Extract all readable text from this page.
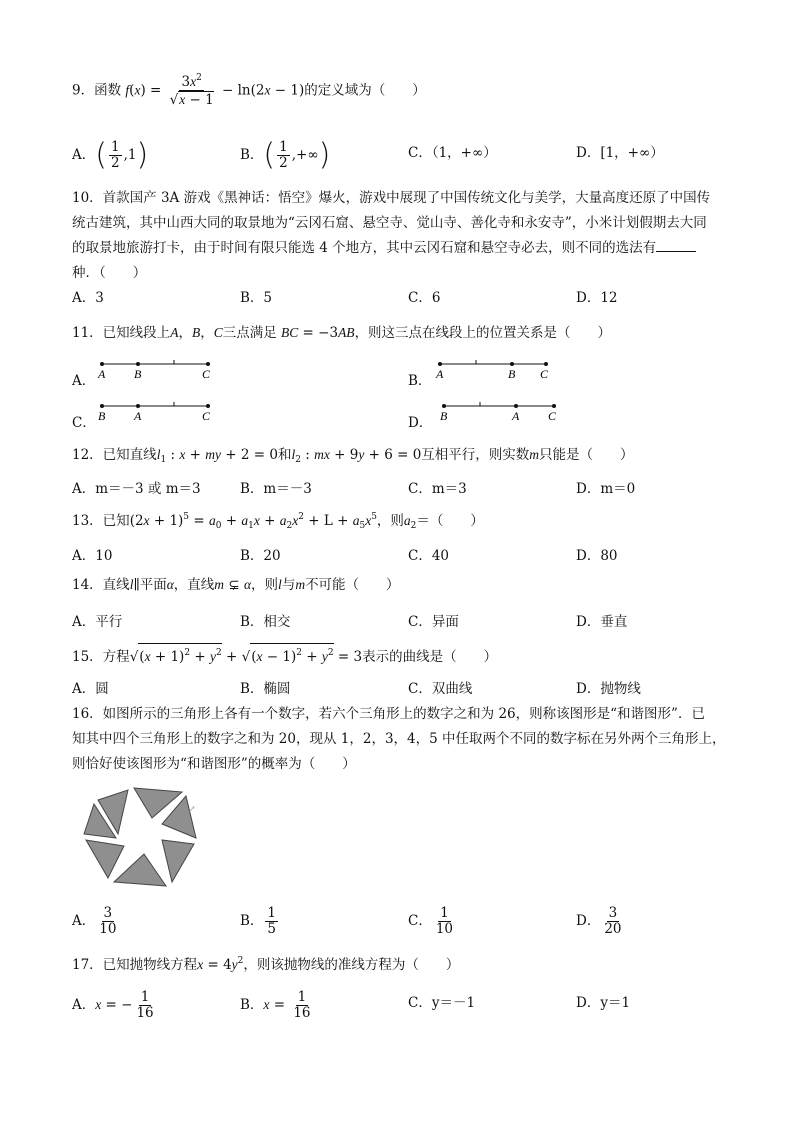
9．函数 $f(x) = \frac{3x^2}{√x - 1} - \ln(2x - 1)$的定义域为（　　）
A．( $\frac{1}{2} ,1$)	B．( $\frac{1}{2}$ ,+∞)	C．（1，+∞）	D．[1，+∞）
10．首款国产 3A 游戏《黑神话：悟空》爆火，游戏中展现了中国传统文化与美学，大量高度还原了中国传
统古建筑，其中山西大同的取景地为“云冈石窟、悬空寺、觉山寺、善化寺和永安寺”，小米计划假期去大同
的取景地旅游打卡，由于时间有限只能选 4 个地方，其中云冈石窟和悬空寺必去，则不同的选法有
种．（　　）
A．3	B．5	C．6	D．12
11．已知线段上A，B，C三点满足 BC = −3AB，则这三点在线段上的位置关系是（　　）
A． A B	C	B． A	B C
C． B A	C	D． B	A C
12．已知直线$l_1$ : x + my + 2 = 0和$l_2$ : mx + 9y + 6 = 0互相平行，则实数m只能是（　　）
A．m＝－3 或 m＝3	B．m＝－3	C．m＝3	D．m＝0
13．已知$(2x + 1)^5 = a_0 + a_1x + a_2x^2 + L + a_5x^5$，则$a_2=$（　　）
A．10	B．20	C．40	D．80
14．直线l∥平面α，直线m ⊊ α，则l与m不可能（　　）
A．平行	B．相交	C．异面	D．垂直
15．方程$√(x + 1)^2 + y^2 + √(x - 1)^2 + y^2 = 3$表示的曲线是（　　）
A．圆	B．椭圆	C．双曲线	D．抛物线
16．如图所示的三角形上各有一个数字，若六个三角形上的数字之和为 26，则称该图形是“和谐图形”．已
知其中四个三角形上的数字之和为 20，现从 1，2，3，4，5 中任取两个不同的数字标在另外两个三角形上，
则恰好使该图形为“和谐图形”的概率为（　　）
↗
A． $\frac{3}{10}$	B． $\frac{1}{5}$	C． $\frac{1}{10}$	D． $\frac{3}{20}$
17．已知抛物线方程$x = 4y^2$，则该抛物线的准线方程为（　　）
A．x = − $\frac{1}{16}$	B．$x = \frac{1}{16}$	C．y＝－1	D．y＝1
